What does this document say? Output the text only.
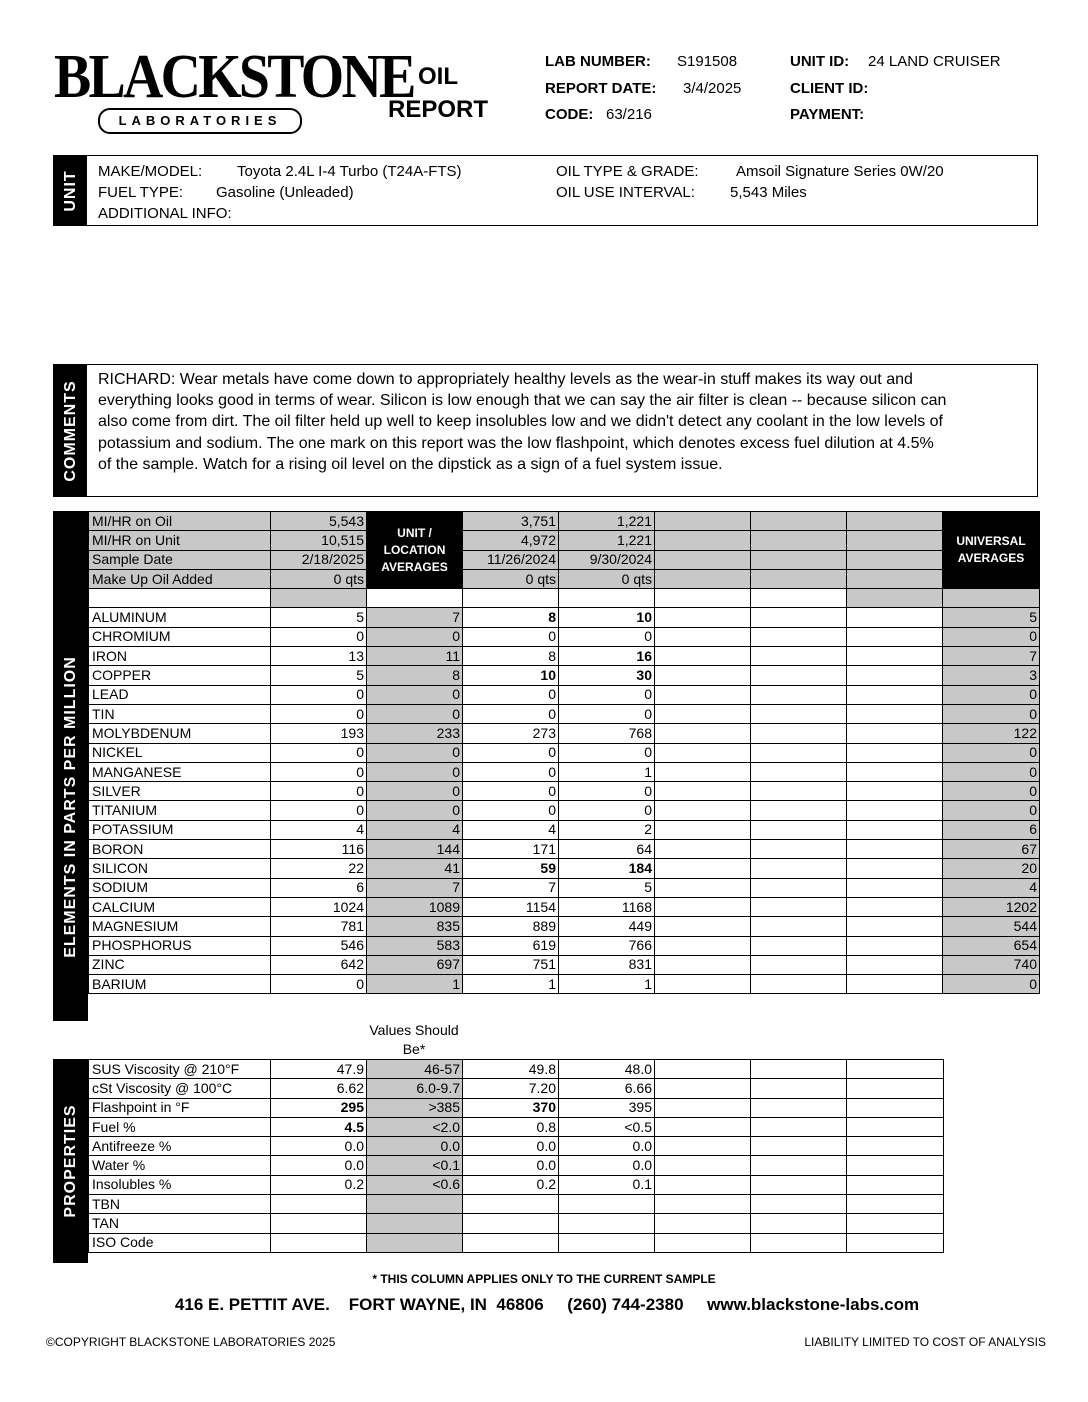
BLACKSTONE
LABORATORIES
OIL
REPORT
LAB NUMBER: S191508
REPORT DATE: 3/4/2025
CODE: 63/216
UNIT ID: 24 LAND CRUISER
CLIENT ID:
PAYMENT:
UNIT MAKE/MODEL: Toyota 2.4L I-4 Turbo (T24A-FTS)
FUEL TYPE: Gasoline (Unleaded)
ADDITIONAL INFO:
OIL TYPE & GRADE: Amsoil Signature Series 0W/20
OIL USE INTERVAL: 5,543 Miles
COMMENTS
RICHARD: Wear metals have come down to appropriately healthy levels as the wear-in stuff makes its way out and everything looks good in terms of wear. Silicon is low enough that we can say the air filter is clean -- because silicon can also come from dirt. The oil filter held up well to keep insolubles low and we didn't detect any coolant in the low levels of potassium and sodium. The one mark on this report was the low flashpoint, which denotes excess fuel dilution at 4.5% of the sample. Watch for a rising oil level on the dipstick as a sign of a fuel system issue.
ELEMENTS IN PARTS PER MILLION
MI/HR on Oil	5,543	UNIT / LOCATION AVERAGES	3,751	1,221				UNIVERSAL AVERAGES
MI/HR on Unit	10,515		4,972	1,221				
Sample Date	2/18/2025		11/26/2024	9/30/2024				
Make Up Oil Added	0 qts		0 qts	0 qts				

ALUMINUM	5	7	8	10				5
CHROMIUM	0	0	0	0				0
IRON	13	11	8	16				7
COPPER	5	8	10	30				3
LEAD	0	0	0	0				0
TIN	0	0	0	0				0
MOLYBDENUM	193	233	273	768				122
NICKEL	0	0	0	0				0
MANGANESE	0	0	0	1				0
SILVER	0	0	0	0				0
TITANIUM	0	0	0	0				0
POTASSIUM	4	4	4	2				6
BORON	116	144	171	64				67
SILICON	22	41	59	184				20
SODIUM	6	7	7	5				4
CALCIUM	1024	1089	1154	1168				1202
MAGNESIUM	781	835	889	449				544
PHOSPHORUS	546	583	619	766				654
ZINC	642	697	751	831				740
BARIUM	0	1	1	1				0
Values Should Be*
PROPERTIES
SUS Viscosity @ 210°F	47.9	46-57	49.8	48.0			
cSt Viscosity @ 100°C	6.62	6.0-9.7	7.20	6.66			
Flashpoint in °F	295	>385	370	395			
Fuel %	4.5	<2.0	0.8	<0.5			
Antifreeze %	0.0	0.0	0.0	0.0			
Water %	0.0	<0.1	0.0	0.0			
Insolubles %	0.2	<0.6	0.2	0.1			
TBN							
TAN							
ISO Code							
* THIS COLUMN APPLIES ONLY TO THE CURRENT SAMPLE
416 E. PETTIT AVE.    FORT WAYNE, IN  46806     (260) 744-2380     www.blackstone-labs.com
©COPYRIGHT BLACKSTONE LABORATORIES 2025	LIABILITY LIMITED TO COST OF ANALYSIS
